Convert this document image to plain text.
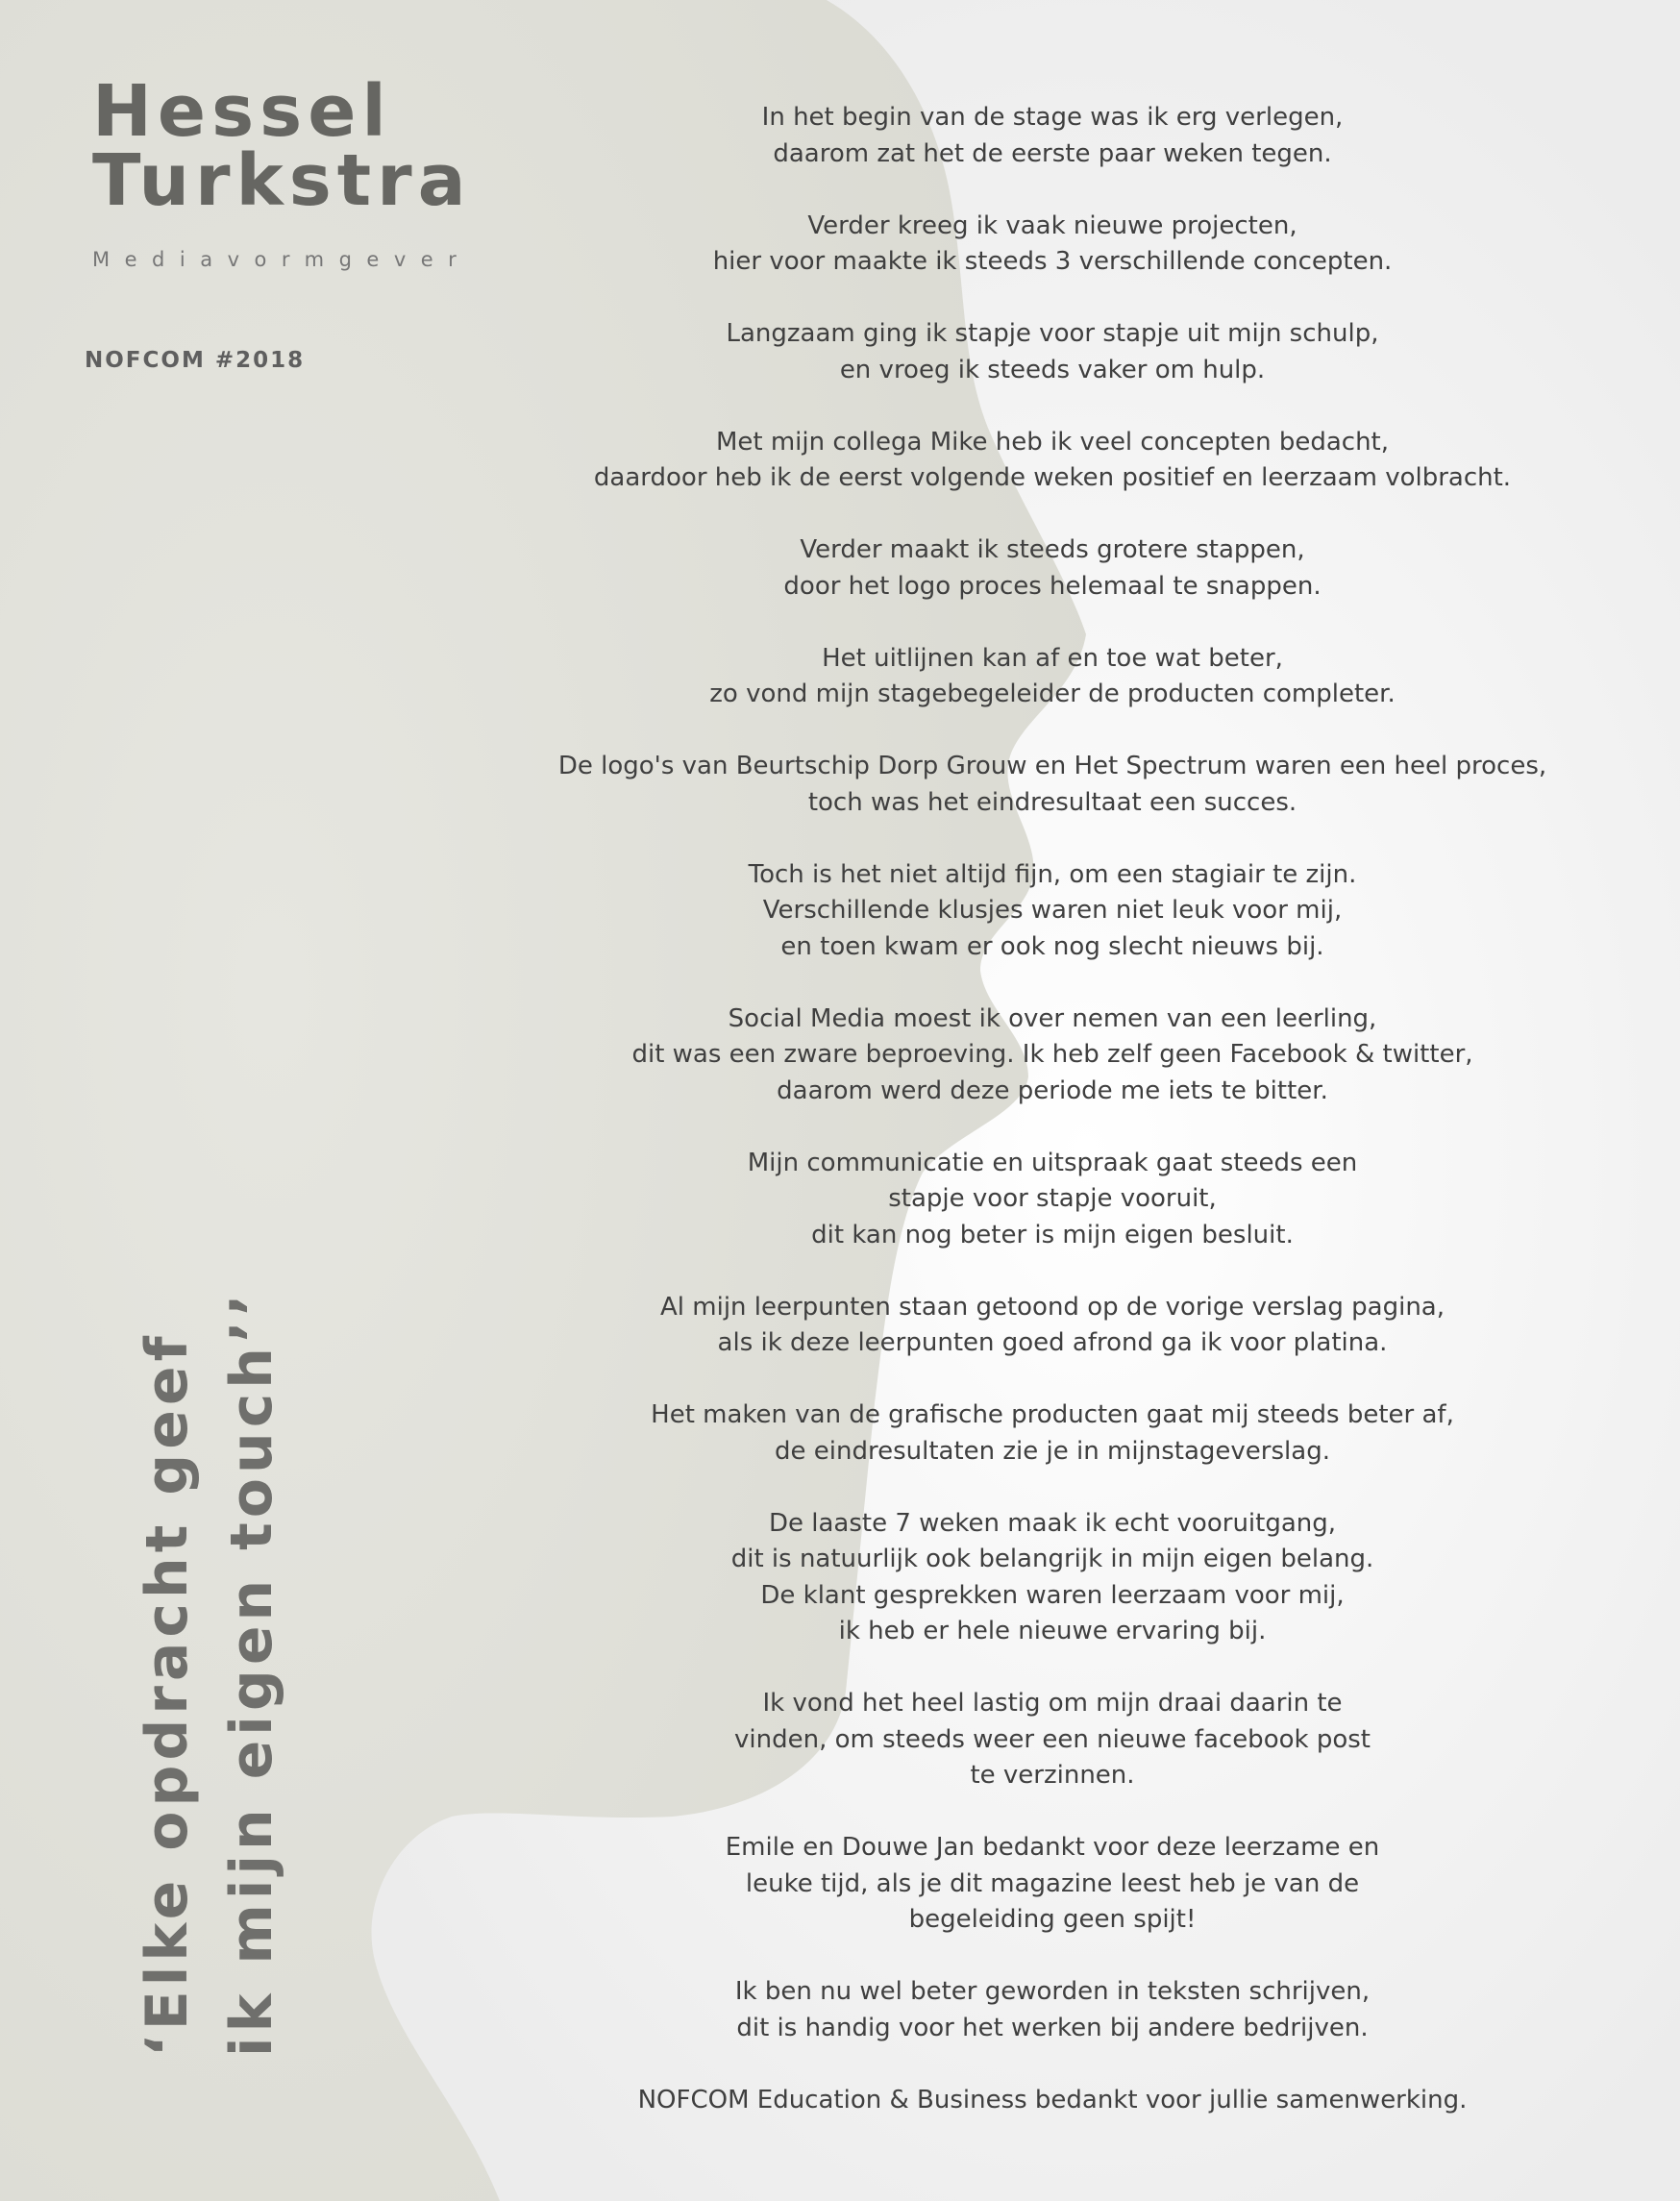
Hessel
Turkstra
Mediavormgever
NOFCOM #2018
‘Elke opdracht geef ik mijn eigen touch’’

In het begin van de stage was ik erg verlegen,
daarom zat het de eerste paar weken tegen.

Verder kreeg ik vaak nieuwe projecten,
hier voor maakte ik steeds 3 verschillende concepten.

Langzaam ging ik stapje voor stapje uit mijn schulp,
en vroeg ik steeds vaker om hulp.

Met mijn collega Mike heb ik veel concepten bedacht,
daardoor heb ik de eerst volgende weken positief en leerzaam volbracht.

Verder maakt ik steeds grotere stappen,
door het logo proces helemaal te snappen.

Het uitlijnen kan af en toe wat beter,
zo vond mijn stagebegeleider de producten completer.

De logo's van Beurtschip Dorp Grouw en Het Spectrum waren een heel proces,
toch was het eindresultaat een succes.

Toch is het niet altijd fijn, om een stagiair te zijn.
Verschillende klusjes waren niet leuk voor mij,
en toen kwam er ook nog slecht nieuws bij.

Social Media moest ik over nemen van een leerling,
dit was een zware beproeving. Ik heb zelf geen Facebook & twitter,
daarom werd deze periode me iets te bitter.

Mijn communicatie en uitspraak gaat steeds een
stapje voor stapje vooruit,
dit kan nog beter is mijn eigen besluit.

Al mijn leerpunten staan getoond op de vorige verslag pagina,
als ik deze leerpunten goed afrond ga ik voor platina.

Het maken van de grafische producten gaat mij steeds beter af,
de eindresultaten zie je in mijnstageverslag.

De laaste 7 weken maak ik echt vooruitgang,
dit is natuurlijk ook belangrijk in mijn eigen belang.
De klant gesprekken waren leerzaam voor mij,
ik heb er hele nieuwe ervaring bij.

Ik vond het heel lastig om mijn draai daarin te
vinden, om steeds weer een nieuwe facebook post
te verzinnen.

Emile en Douwe Jan bedankt voor deze leerzame en
leuke tijd, als je dit magazine leest heb je van de
begeleiding geen spijt!

Ik ben nu wel beter geworden in teksten schrijven,
dit is handig voor het werken bij andere bedrijven.

NOFCOM Education & Business bedankt voor jullie samenwerking.
